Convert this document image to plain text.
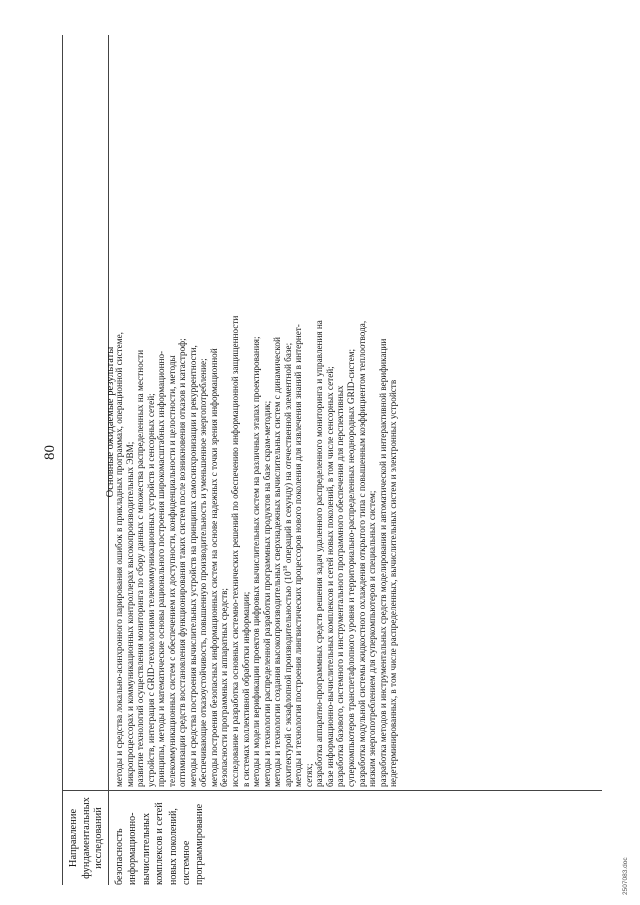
80
2507083.doc
Направление фундаментальных исследований
Основные ожидаемые результаты
безопасность информационно-вычислительных комплексов и сетей новых поколений, системное программирование
методы и средства локально-асинхронного парирования ошибок в прикладных программах, операционной системе, микропроцессорах и коммуникационных контроллерах высокопроизводительных ЭВМ; развитие технологий осуществления мониторинга по сбору данных с множества распределенных на местности устройств, интеграция с GRID-технологиями телекоммуникационных устройств и сенсорных сетей; принципы, методы и математические основы рационального построения широкомасштабных информационно- телекоммуникационных систем с обеспечением их доступности, конфиденциальности и целостности, методы оптимизации средств восстановления функционирования таких систем после возникновения отказов и катастроф; методы и средства построения вычислительных устройств на принципах самосинхронизации и рекуррентности, обеспечивающие отказоустойчивость, повышенную производительность и уменьшенное энергопотребление; методы построения безопасных информационных систем на основе надежных с точки зрения информационной безопасности программных и аппаратных средств; исследование и разработка основных системно-технических решений по обеспечению информационной защищенности в системах коллективной обработки информации; методы и модели верификации проектов цифровых вычислительных систем на различных этапах проектирования; методы и технологии распределенной разработки программных продуктов на базе скрам-методик; методы и технологии создания высокопроизводительных сверхнадежных вычислительных систем с динамической архитектурой с экзафлопной производительностью ($10^{18}$ операций в секунду) на отечественной элементной базе; методы и технология построения лингвистических процессоров нового поколения для извлечения знаний в интернет- сетях; разработка аппаратно-программных средств решения задач удаленного распределенного мониторинга и управления на базе информационно-вычислительных комплексов и сетей новых поколений, в том числе сенсорных сетей; разработка базового, системного и инструментального программного обеспечения для перспективных суперкомпьютеров транспетафлопного уровня и территориально-распределенных неоднородных GRID-систем; разработка модульной системы жидкостного охлаждения открытого типа с повышенным коэффициентом теплоотвода, низким энергопотреблением для суперкомпьютеров и специальных систем; разработка методов и инструментальных средств моделирования и автоматической и интерактивной верификации недетерминированных, в том числе распределенных, вычислительных систем и электронных устройств
